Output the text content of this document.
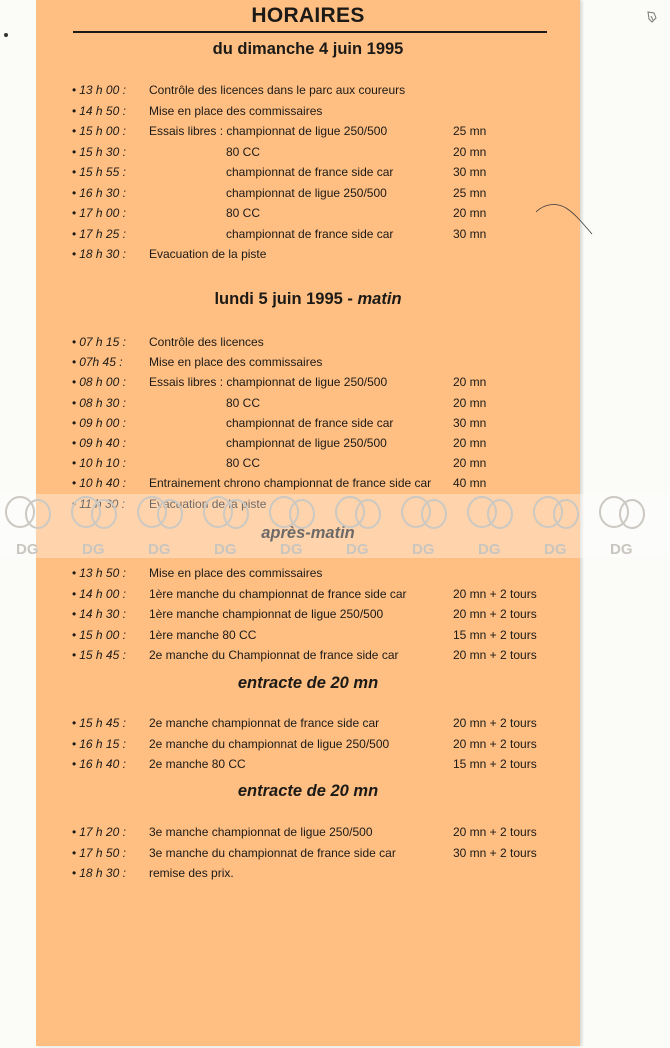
HORAIRES
du dimanche 4 juin 1995
• 13 h 00 : Contrôle des licences dans le parc aux coureurs
• 14 h 50 : Mise en place des commissaires
• 15 h 00 : Essais libres : championnat de ligue 250/500	25 mn
• 15 h 30 :	80 CC	20 mn
• 15 h 55 :	championnat de france side car	30 mn
• 16 h 30 :	championnat de ligue 250/500	25 mn
• 17 h 00 :	80 CC	20 mn
• 17 h 25 :	championnat de france side car	30 mn
• 18 h 30 : Evacuation de la piste
lundi 5 juin 1995 - matin
• 07 h 15 : Contrôle des licences
• 07h 45 : Mise en place des commissaires
• 08 h 00 : Essais libres : championnat de ligue 250/500	20 mn
• 08 h 30 :	80 CC	20 mn
• 09 h 00 :	championnat de france side car	30 mn
• 09 h 40 :	championnat de ligue 250/500	20 mn
• 10 h 10 :	80 CC	20 mn
• 10 h 40 : Entrainement chrono championnat de france side car 40 mn
• 11 h 30 : Evacuation de la piste
après-matin
• 13 h 50 : Mise en place des commissaires
• 14 h 00 : 1ère manche du championnat de france side car	20 mn + 2 tours
• 14 h 30 : 1ère manche championnat de ligue 250/500	20 mn + 2 tours
• 15 h 00 : 1ère manche 80 CC	15 mn + 2 tours
• 15 h 45 : 2e manche du Championnat de france side car	20 mn + 2 tours
entracte de 20 mn
• 15 h 45 : 2e manche championnat de france side car	20 mn + 2 tours
• 16 h 15 : 2e manche du championnat de ligue 250/500	20 mn + 2 tours
• 16 h 40 : 2e manche 80 CC	15 mn + 2 tours
entracte de 20 mn
• 17 h 20 : 3e manche championnat de ligue 250/500	20 mn + 2 tours
• 17 h 50 : 3e manche du championnat de france side car	30 mn + 2 tours
• 18 h 30 : remise des prix.
DG	DG	DG	DG	DG	DG	DG	DG	DG	DG
